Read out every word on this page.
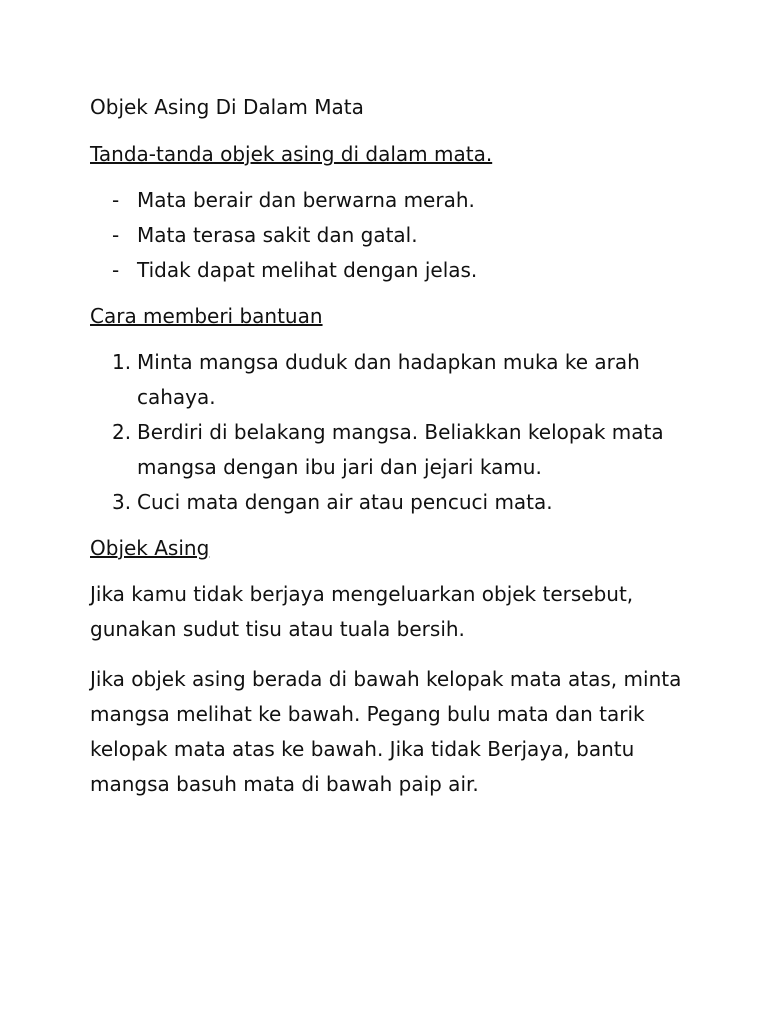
Objek Asing Di Dalam Mata

Tanda-tanda objek asing di dalam mata.

- Mata berair dan berwarna merah.
- Mata terasa sakit dan gatal.
- Tidak dapat melihat dengan jelas.

Cara memberi bantuan

1. Minta mangsa duduk dan hadapkan muka ke arah cahaya.
2. Berdiri di belakang mangsa. Beliakkan kelopak mata mangsa dengan ibu jari dan jejari kamu.
3. Cuci mata dengan air atau pencuci mata.

Objek Asing

Jika kamu tidak berjaya mengeluarkan objek tersebut, gunakan sudut tisu atau tuala bersih.

Jika objek asing berada di bawah kelopak mata atas, minta mangsa melihat ke bawah. Pegang bulu mata dan tarik kelopak mata atas ke bawah. Jika tidak Berjaya, bantu mangsa basuh mata di bawah paip air.
